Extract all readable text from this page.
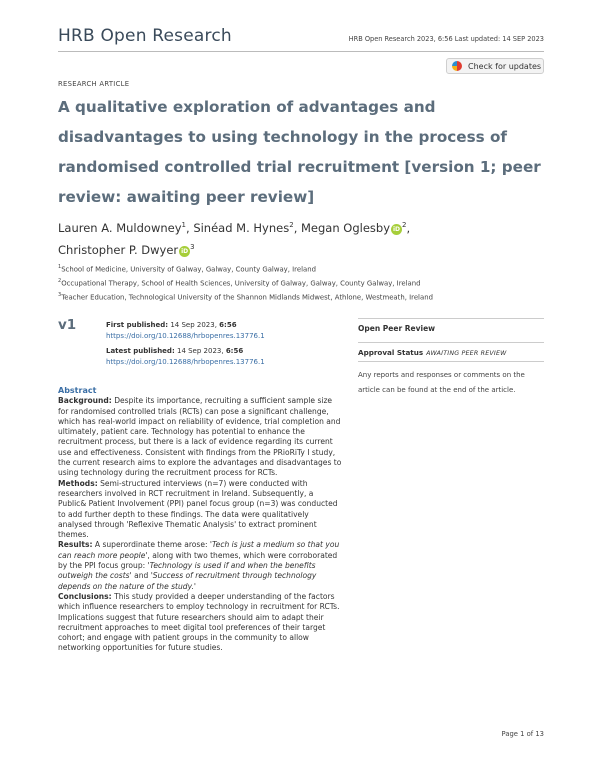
HRB Open Research	HRB Open Research 2023, 6:56 Last updated: 14 SEP 2023
Check for updates
RESEARCH ARTICLE
A qualitative exploration of advantages and disadvantages to using technology in the process of randomised controlled trial recruitment [version 1; peer review: awaiting peer review]
Lauren A. Muldowney$^1$, Sinéad M. Hynes$^2$, Megan Oglesby $iD^2$,
Christopher P. Dwyer $iD^3$
$^1$School of Medicine, University of Galway, Galway, County Galway, Ireland
$^2$Occupational Therapy, School of Health Sciences, University of Galway, Galway, County Galway, Ireland
$^3$Teacher Education, Technological University of the Shannon Midlands Midwest, Athlone, Westmeath, Ireland
v1	First published: 14 Sep 2023, 6:56
https://doi.org/10.12688/hrbopenres.13776.1
Latest published: 14 Sep 2023, 6:56
https://doi.org/10.12688/hrbopenres.13776.1
Open Peer Review
Approval Status AWAITING PEER REVIEW
Any reports and responses or comments on the article can be found at the end of the article.
Abstract

Background: Despite its importance, recruiting a sufficient sample size for randomised controlled trials (RCTs) can pose a significant challenge, which has real-world impact on reliability of evidence, trial completion and ultimately, patient care. Technology has potential to enhance the recruitment process, but there is a lack of evidence regarding its current use and effectiveness. Consistent with findings from the PRioRiTy I study, the current research aims to explore the advantages and disadvantages to using technology during the recruitment process for RCTs.

Methods: Semi-structured interviews (n=7) were conducted with researchers involved in RCT recruitment in Ireland. Subsequently, a Public& Patient Involvement (PPI) panel focus group (n=3) was conducted to add further depth to these findings. The data were qualitatively analysed through 'Reflexive Thematic Analysis' to extract prominent themes.

Results: A superordinate theme arose: 'Tech is just a medium so that you can reach more people', along with two themes, which were corroborated by the PPI focus group: 'Technology is used if and when the benefits outweigh the costs' and 'Success of recruitment through technology depends on the nature of the study.'

Conclusions: This study provided a deeper understanding of the factors which influence researchers to employ technology in recruitment for RCTs. Implications suggest that future researchers should aim to adapt their recruitment approaches to meet digital tool preferences of their target cohort; and engage with patient groups in the community to allow networking opportunities for future studies.

Page 1 of 13
